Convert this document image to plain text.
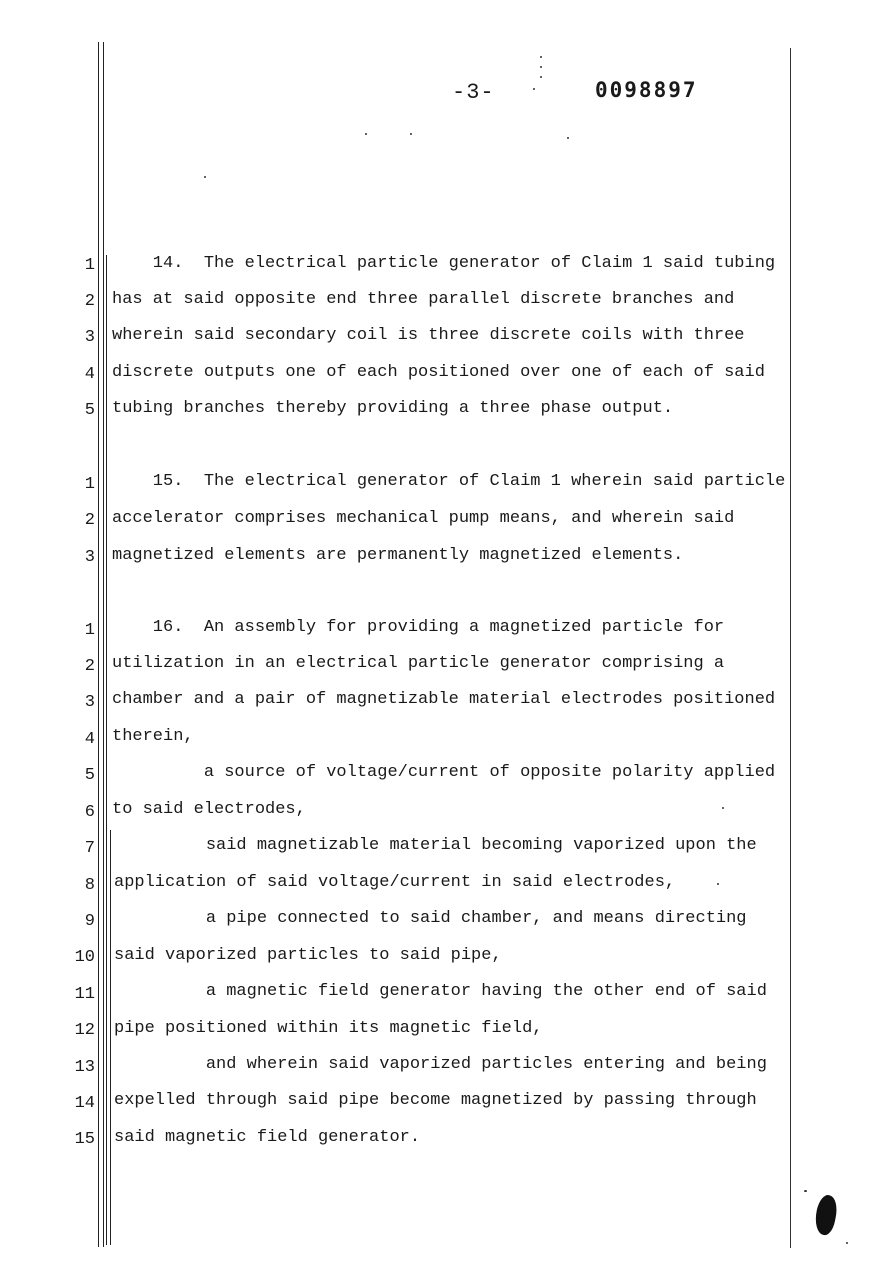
-3-	0098897
1
2
3
4
5
14.  The electrical particle generator of Claim 1 said tubing
has at said opposite end three parallel discrete branches and
wherein said secondary coil is three discrete coils with three
discrete outputs one of each positioned over one of each of said
tubing branches thereby providing a three phase output.
1
2
3
15.  The electrical generator of Claim 1 wherein said particle
accelerator comprises mechanical pump means, and wherein said
magnetized elements are permanently magnetized elements.
1
2
3
4
5
6
7
8
9
10
11
12
13
14
15
16.  An assembly for providing a magnetized particle for
utilization in an electrical particle generator comprising a
chamber and a pair of magnetizable material electrodes positioned
therein,
a source of voltage/current of opposite polarity applied
to said electrodes,
said magnetizable material becoming vaporized upon the
application of said voltage/current in said electrodes,
a pipe connected to said chamber, and means directing
said vaporized particles to said pipe,
a magnetic field generator having the other end of said
pipe positioned within its magnetic field,
and wherein said vaporized particles entering and being
expelled through said pipe become magnetized by passing through
said magnetic field generator.
